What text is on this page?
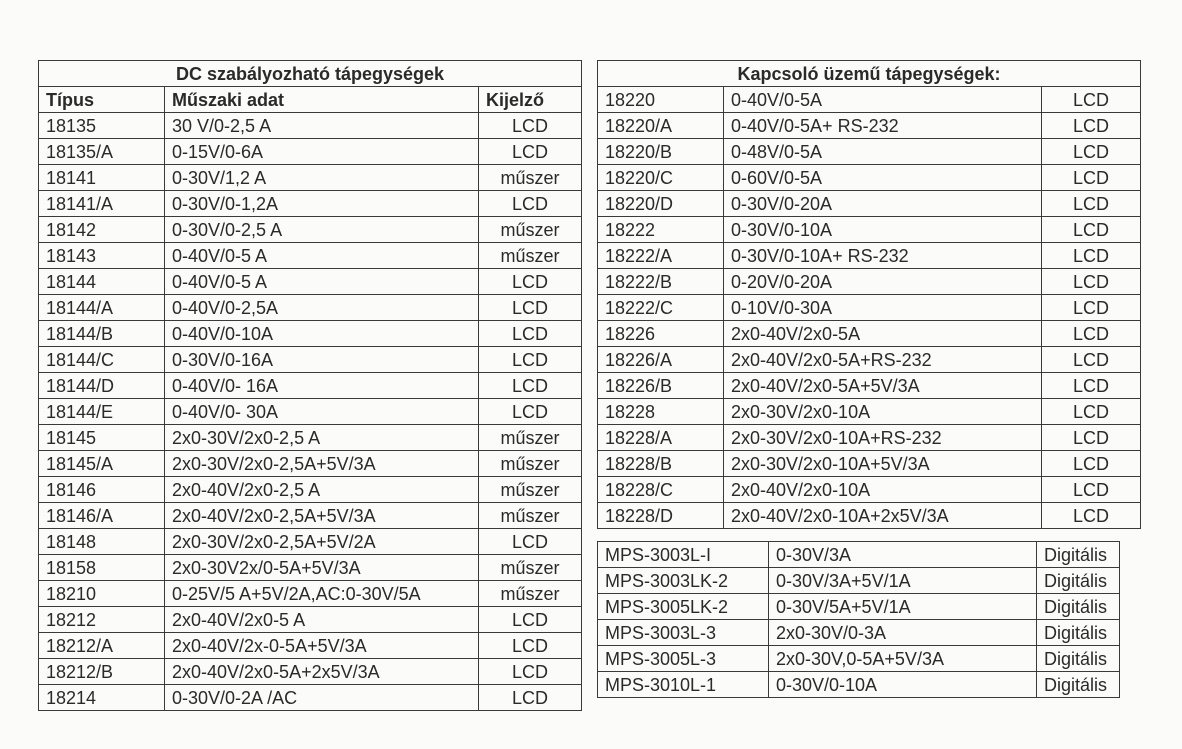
DC szabályozható tápegységek		
Típus	Műszaki adat	Kijelző
18135	30 V/0-2,5 A	LCD
18135/A	0-15V/0-6A	LCD
18141	0-30V/1,2 A	műszer
18141/A	0-30V/0-1,2A	LCD
18142	0-30V/0-2,5 A	műszer
18143	0-40V/0-5 A	műszer
18144	0-40V/0-5 A	LCD
18144/A	0-40V/0-2,5A	LCD
18144/B	0-40V/0-10A	LCD
18144/C	0-30V/0-16A	LCD
18144/D	0-40V/0- 16A	LCD
18144/E	0-40V/0- 30A	LCD
18145	2x0-30V/2x0-2,5 A	műszer
18145/A	2x0-30V/2x0-2,5A+5V/3A	műszer
18146	2x0-40V/2x0-2,5 A	műszer
18146/A	2x0-40V/2x0-2,5A+5V/3A	műszer
18148	2x0-30V/2x0-2,5A+5V/2A	LCD
18158	2x0-30V2x/0-5A+5V/3A	műszer
18210	0-25V/5 A+5V/2A,AC:0-30V/5A	műszer
18212	2x0-40V/2x0-5 A	LCD
18212/A	2x0-40V/2x-0-5A+5V/3A	LCD
18212/B	2x0-40V/2x0-5A+2x5V/3A	LCD
18214	0-30V/0-2A /AC	LCD
Kapcsoló üzemű tápegységek:		
18220	0-40V/0-5A	LCD
18220/A	0-40V/0-5A+ RS-232	LCD
18220/B	0-48V/0-5A	LCD
18220/C	0-60V/0-5A	LCD
18220/D	0-30V/0-20A	LCD
18222	0-30V/0-10A	LCD
18222/A	0-30V/0-10A+ RS-232	LCD
18222/B	0-20V/0-20A	LCD
18222/C	0-10V/0-30A	LCD
18226	2x0-40V/2x0-5A	LCD
18226/A	2x0-40V/2x0-5A+RS-232	LCD
18226/B	2x0-40V/2x0-5A+5V/3A	LCD
18228	2x0-30V/2x0-10A	LCD
18228/A	2x0-30V/2x0-10A+RS-232	LCD
18228/B	2x0-30V/2x0-10A+5V/3A	LCD
18228/C	2x0-40V/2x0-10A	LCD
18228/D	2x0-40V/2x0-10A+2x5V/3A	LCD
MPS-3003L-I	0-30V/3A	Digitális
MPS-3003LK-2	0-30V/3A+5V/1A	Digitális
MPS-3005LK-2	0-30V/5A+5V/1A	Digitális
MPS-3003L-3	2x0-30V/0-3A	Digitális
MPS-3005L-3	2x0-30V,0-5A+5V/3A	Digitális
MPS-3010L-1	0-30V/0-10A	Digitális
